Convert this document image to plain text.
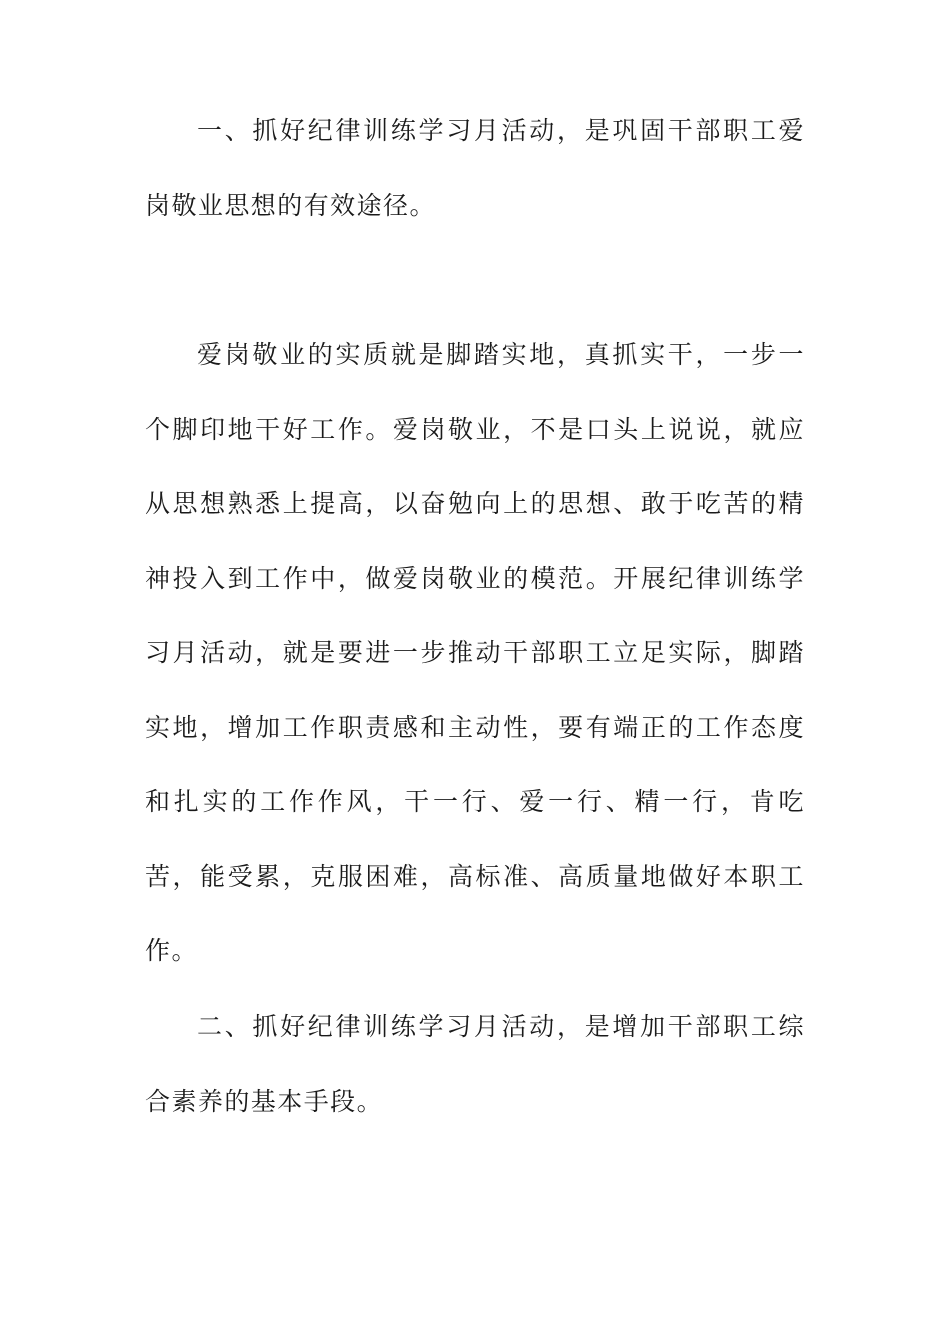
一、抓好纪律训练学习月活动，是巩固干部职工爱岗敬业思想的有效途径。

爱岗敬业的实质就是脚踏实地，真抓实干，一步一个脚印地干好工作。爱岗敬业，不是口头上说说，就应从思想熟悉上提高，以奋勉向上的思想、敢于吃苦的精神投入到工作中，做爱岗敬业的模范。开展纪律训练学习月活动，就是要进一步推动干部职工立足实际，脚踏实地，增加工作职责感和主动性，要有端正的工作态度和扎实的工作作风，干一行、爱一行、精一行，肯吃苦，能受累，克服困难，高标准、高质量地做好本职工作。

二、抓好纪律训练学习月活动，是增加干部职工综合素养的基本手段。
